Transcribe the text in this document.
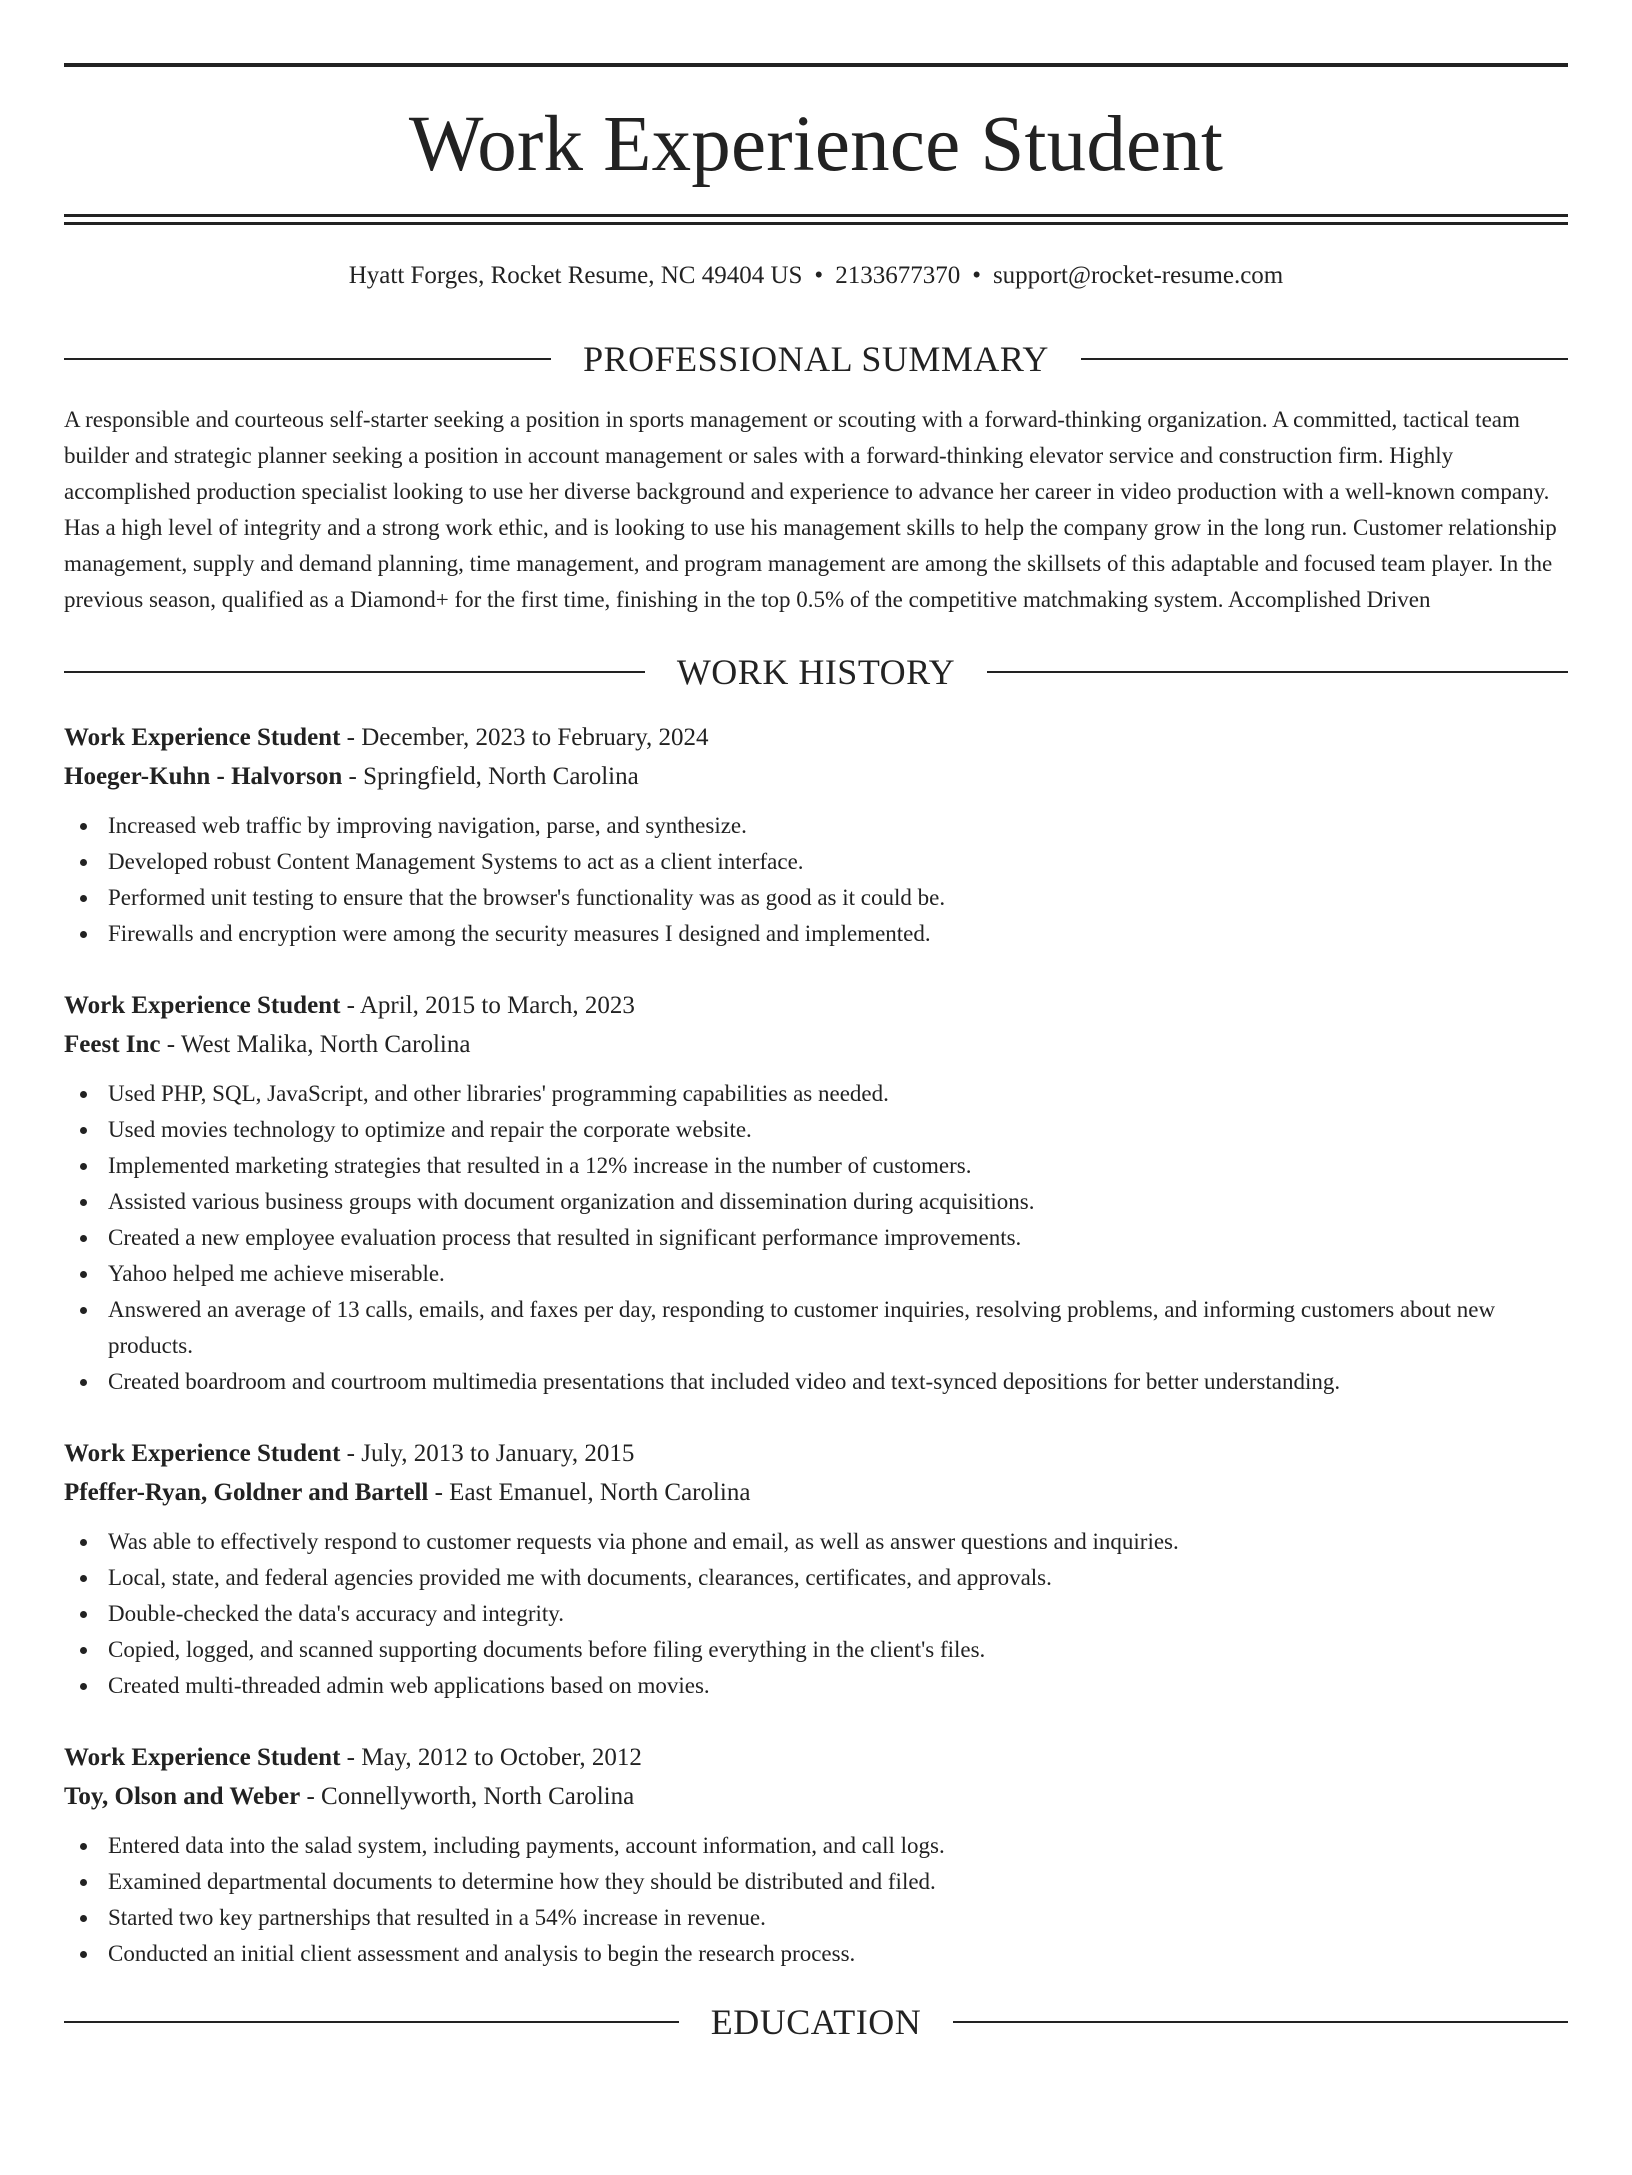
Work Experience Student
Hyatt Forges, Rocket Resume, NC 49404 US • 2133677370 • support@rocket-resume.com
PROFESSIONAL SUMMARY

A responsible and courteous self-starter seeking a position in sports management or scouting with a forward-thinking organization. A committed, tactical team builder and strategic planner seeking a position in account management or sales with a forward-thinking elevator service and construction firm. Highly accomplished production specialist looking to use her diverse background and experience to advance her career in video production with a well-known company. Has a high level of integrity and a strong work ethic, and is looking to use his management skills to help the company grow in the long run. Customer relationship management, supply and demand planning, time management, and program management are among the skillsets of this adaptable and focused team player. In the previous season, qualified as a Diamond+ for the first time, finishing in the top 0.5% of the competitive matchmaking system. Accomplished Driven

WORK HISTORY
Work Experience Student - December, 2023 to February, 2024
Hoeger-Kuhn - Halvorson - Springfield, North Carolina
Increased web traffic by improving navigation, parse, and synthesize.
Developed robust Content Management Systems to act as a client interface.
Performed unit testing to ensure that the browser's functionality was as good as it could be.
Firewalls and encryption were among the security measures I designed and implemented.
Work Experience Student - April, 2015 to March, 2023
Feest Inc - West Malika, North Carolina
Used PHP, SQL, JavaScript, and other libraries' programming capabilities as needed.
Used movies technology to optimize and repair the corporate website.
Implemented marketing strategies that resulted in a 12% increase in the number of customers.
Assisted various business groups with document organization and dissemination during acquisitions.
Created a new employee evaluation process that resulted in significant performance improvements.
Yahoo helped me achieve miserable.
Answered an average of 13 calls, emails, and faxes per day, responding to customer inquiries, resolving problems, and informing customers about new products.
Created boardroom and courtroom multimedia presentations that included video and text-synced depositions for better understanding.
Work Experience Student - July, 2013 to January, 2015
Pfeffer-Ryan, Goldner and Bartell - East Emanuel, North Carolina
Was able to effectively respond to customer requests via phone and email, as well as answer questions and inquiries.
Local, state, and federal agencies provided me with documents, clearances, certificates, and approvals.
Double-checked the data's accuracy and integrity.
Copied, logged, and scanned supporting documents before filing everything in the client's files.
Created multi-threaded admin web applications based on movies.
Work Experience Student - May, 2012 to October, 2012
Toy, Olson and Weber - Connellyworth, North Carolina
Entered data into the salad system, including payments, account information, and call logs.
Examined departmental documents to determine how they should be distributed and filed.
Started two key partnerships that resulted in a 54% increase in revenue.
Conducted an initial client assessment and analysis to begin the research process.
EDUCATION
